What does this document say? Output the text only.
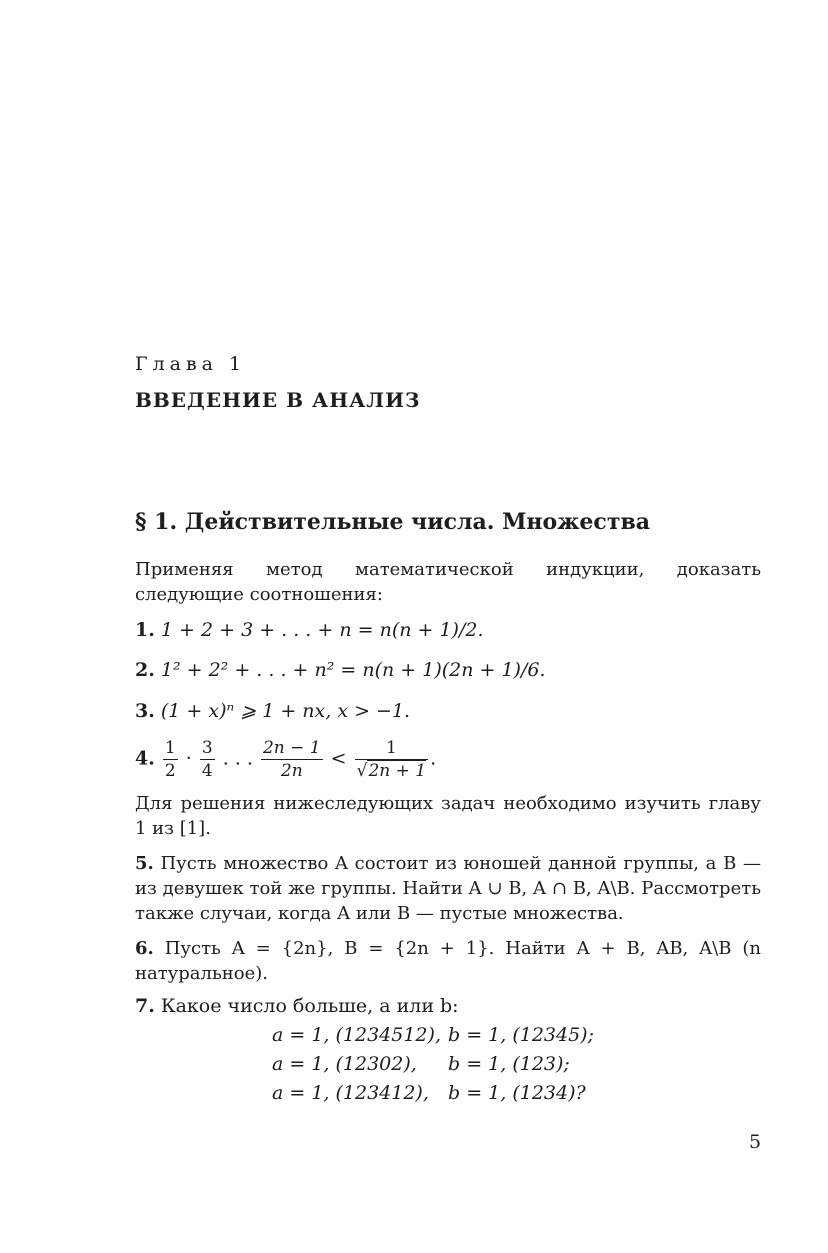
Глава 1
ВВЕДЕНИЕ В АНАЛИЗ
§ 1. Действительные числа. Множества
Применяя метод математической индукции, доказать следующие соотношения:
1. 1 + 2 + 3 + . . . + n = n(n + 1)/2.
2. 1² + 2² + . . . + n² = n(n + 1)(2n + 1)/6.
3. (1 + x)ⁿ ⩾ 1 + nx, x > −1.
4. $\frac{1}{2} \cdot \frac{3}{4}$ . . . $\frac{2n - 1}{2n} < \frac{1}{√2n + 1}$ .
Для решения нижеследующих задач необходимо изучить главу 1 из [1].
5. Пусть множество A состоит из юношей данной группы, а B — из девушек той же группы. Найти A ∪ B, A ∩ B, A\B. Рассмотреть также случаи, когда A или B — пустые множества.
6. Пусть A = {2n}, B = {2n + 1}. Найти A + B, AB, A\B (n натуральное).
7. Какое число больше, a или b:
a = 1, (1234512), b = 1, (12345);
a = 1, (12302),	b = 1, (123);
a = 1, (123412),	b = 1, (1234)?
5
